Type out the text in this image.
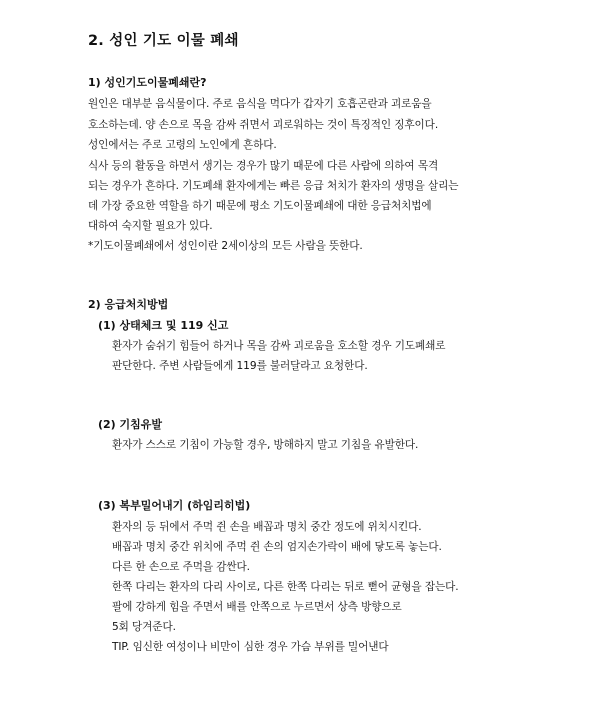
2. 성인 기도 이물 폐쇄
1) 성인기도이물폐쇄란?
원인은 대부분 음식물이다. 주로 음식을 먹다가 갑자기 호흡곤란과 괴로움을
호소하는데. 양 손으로 목을 감싸 쥐면서 괴로워하는 것이 특징적인 징후이다.
성인에서는 주로 고령의 노인에게 흔하다.
식사 등의 활동을 하면서 생기는 경우가 많기 때문에 다른 사람에 의하여 목격
되는 경우가 흔하다. 기도폐쇄 환자에게는 빠른 응급 처치가 환자의 생명을 살리는
데 가장 중요한 역할을 하기 때문에 평소 기도이물폐쇄에 대한 응급처치법에
대하여 숙지할 필요가 있다.
*기도이물폐쇄에서 성인이란 2세이상의 모든 사람을 뜻한다.
2) 응급처치방법
(1) 상태체크 및 119 신고
환자가 숨쉬기 힘들어 하거나 목을 감싸 괴로움을 호소할 경우 기도폐쇄로
판단한다. 주변 사람들에게 119를 불러달라고 요청한다.
(2) 기침유발
환자가 스스로 기침이 가능할 경우, 방해하지 말고 기침을 유발한다.
(3) 복부밀어내기 (하임리히법)
환자의 등 뒤에서 주먹 쥔 손을 배꼽과 명치 중간 정도에 위치시킨다.
배꼽과 명치 중간 위치에 주먹 쥔 손의 엄지손가락이 배에 닿도록 놓는다.
다른 한 손으로 주먹을 감싼다.
한쪽 다리는 환자의 다리 사이로, 다른 한쪽 다리는 뒤로 뻗어 균형을 잡는다.
팔에 강하게 힘을 주면서 배를 안쪽으로 누르면서 상측 방향으로
5회 당겨준다.
TIP. 임신한 여성이나 비만이 심한 경우 가슴 부위를 밀어낸다
